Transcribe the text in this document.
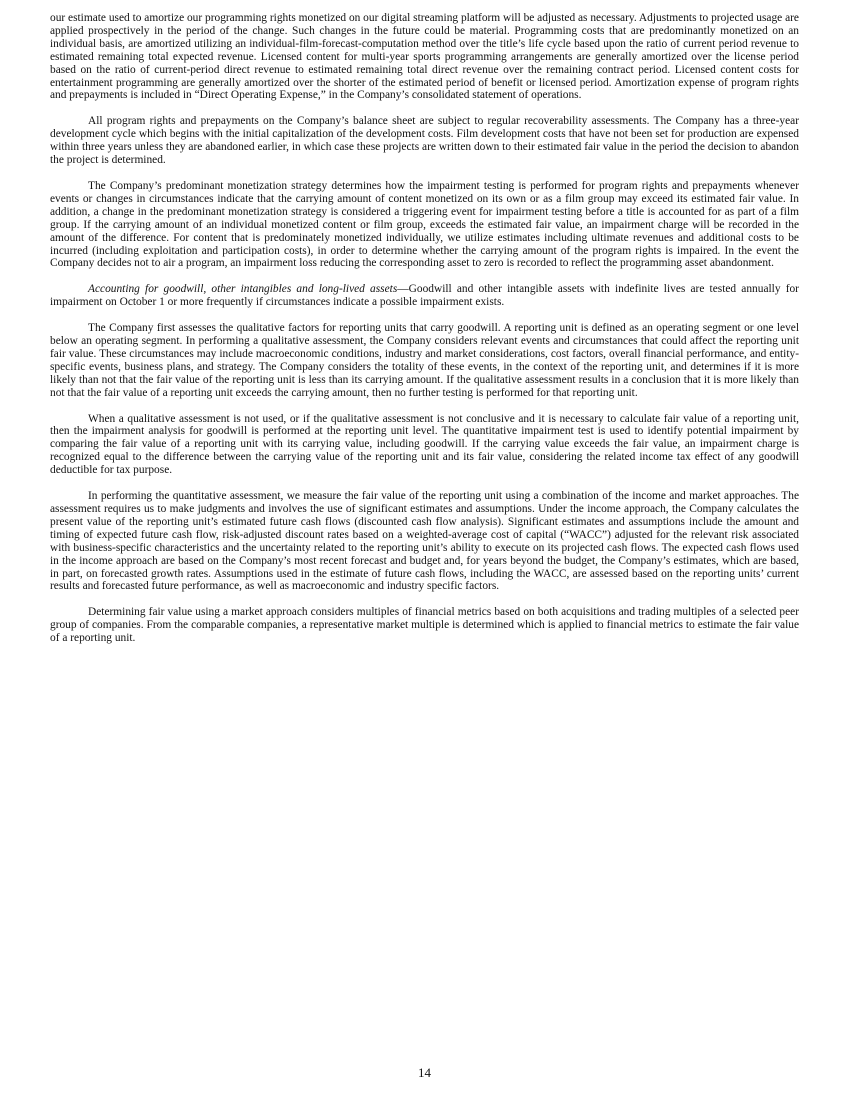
our estimate used to amortize our programming rights monetized on our digital streaming platform will be adjusted as necessary. Adjustments to projected usage are applied prospectively in the period of the change. Such changes in the future could be material. Programming costs that are predominantly monetized on an individual basis, are amortized utilizing an individual-film-forecast-computation method over the title’s life cycle based upon the ratio of current period revenue to estimated remaining total expected revenue. Licensed content for multi-year sports programming arrangements are generally amortized over the license period based on the ratio of current-period direct revenue to estimated remaining total direct revenue over the remaining contract period. Licensed content costs for entertainment programming are generally amortized over the shorter of the estimated period of benefit or licensed period. Amortization expense of program rights and prepayments is included in “Direct Operating Expense,” in the Company’s consolidated statement of operations.

All program rights and prepayments on the Company’s balance sheet are subject to regular recoverability assessments. The Company has a three-year development cycle which begins with the initial capitalization of the development costs. Film development costs that have not been set for production are expensed within three years unless they are abandoned earlier, in which case these projects are written down to their estimated fair value in the period the decision to abandon the project is determined.

The Company’s predominant monetization strategy determines how the impairment testing is performed for program rights and prepayments whenever events or changes in circumstances indicate that the carrying amount of content monetized on its own or as a film group may exceed its estimated fair value. In addition, a change in the predominant monetization strategy is considered a triggering event for impairment testing before a title is accounted for as part of a film group. If the carrying amount of an individual monetized content or film group, exceeds the estimated fair value, an impairment charge will be recorded in the amount of the difference. For content that is predominately monetized individually, we utilize estimates including ultimate revenues and additional costs to be incurred (including exploitation and participation costs), in order to determine whether the carrying amount of the program rights is impaired. In the event the Company decides not to air a program, an impairment loss reducing the corresponding asset to zero is recorded to reflect the programming asset abandonment.

Accounting for goodwill, other intangibles and long-lived assets—Goodwill and other intangible assets with indefinite lives are tested annually for impairment on October 1 or more frequently if circumstances indicate a possible impairment exists.

The Company first assesses the qualitative factors for reporting units that carry goodwill. A reporting unit is defined as an operating segment or one level below an operating segment. In performing a qualitative assessment, the Company considers relevant events and circumstances that could affect the reporting unit fair value. These circumstances may include macroeconomic conditions, industry and market considerations, cost factors, overall financial performance, and entity-specific events, business plans, and strategy. The Company considers the totality of these events, in the context of the reporting unit, and determines if it is more likely than not that the fair value of the reporting unit is less than its carrying amount. If the qualitative assessment results in a conclusion that it is more likely than not that the fair value of a reporting unit exceeds the carrying amount, then no further testing is performed for that reporting unit.

When a qualitative assessment is not used, or if the qualitative assessment is not conclusive and it is necessary to calculate fair value of a reporting unit, then the impairment analysis for goodwill is performed at the reporting unit level. The quantitative impairment test is used to identify potential impairment by comparing the fair value of a reporting unit with its carrying value, including goodwill. If the carrying value exceeds the fair value, an impairment charge is recognized equal to the difference between the carrying value of the reporting unit and its fair value, considering the related income tax effect of any goodwill deductible for tax purpose.

In performing the quantitative assessment, we measure the fair value of the reporting unit using a combination of the income and market approaches. The assessment requires us to make judgments and involves the use of significant estimates and assumptions. Under the income approach, the Company calculates the present value of the reporting unit’s estimated future cash flows (discounted cash flow analysis). Significant estimates and assumptions include the amount and timing of expected future cash flow, risk-adjusted discount rates based on a weighted-average cost of capital (“WACC”) adjusted for the relevant risk associated with business-specific characteristics and the uncertainty related to the reporting unit’s ability to execute on its projected cash flows. The expected cash flows used in the income approach are based on the Company’s most recent forecast and budget and, for years beyond the budget, the Company’s estimates, which are based, in part, on forecasted growth rates. Assumptions used in the estimate of future cash flows, including the WACC, are assessed based on the reporting units’ current results and forecasted future performance, as well as macroeconomic and industry specific factors.

Determining fair value using a market approach considers multiples of financial metrics based on both acquisitions and trading multiples of a selected peer group of companies. From the comparable companies, a representative market multiple is determined which is applied to financial metrics to estimate the fair value of a reporting unit.

14
